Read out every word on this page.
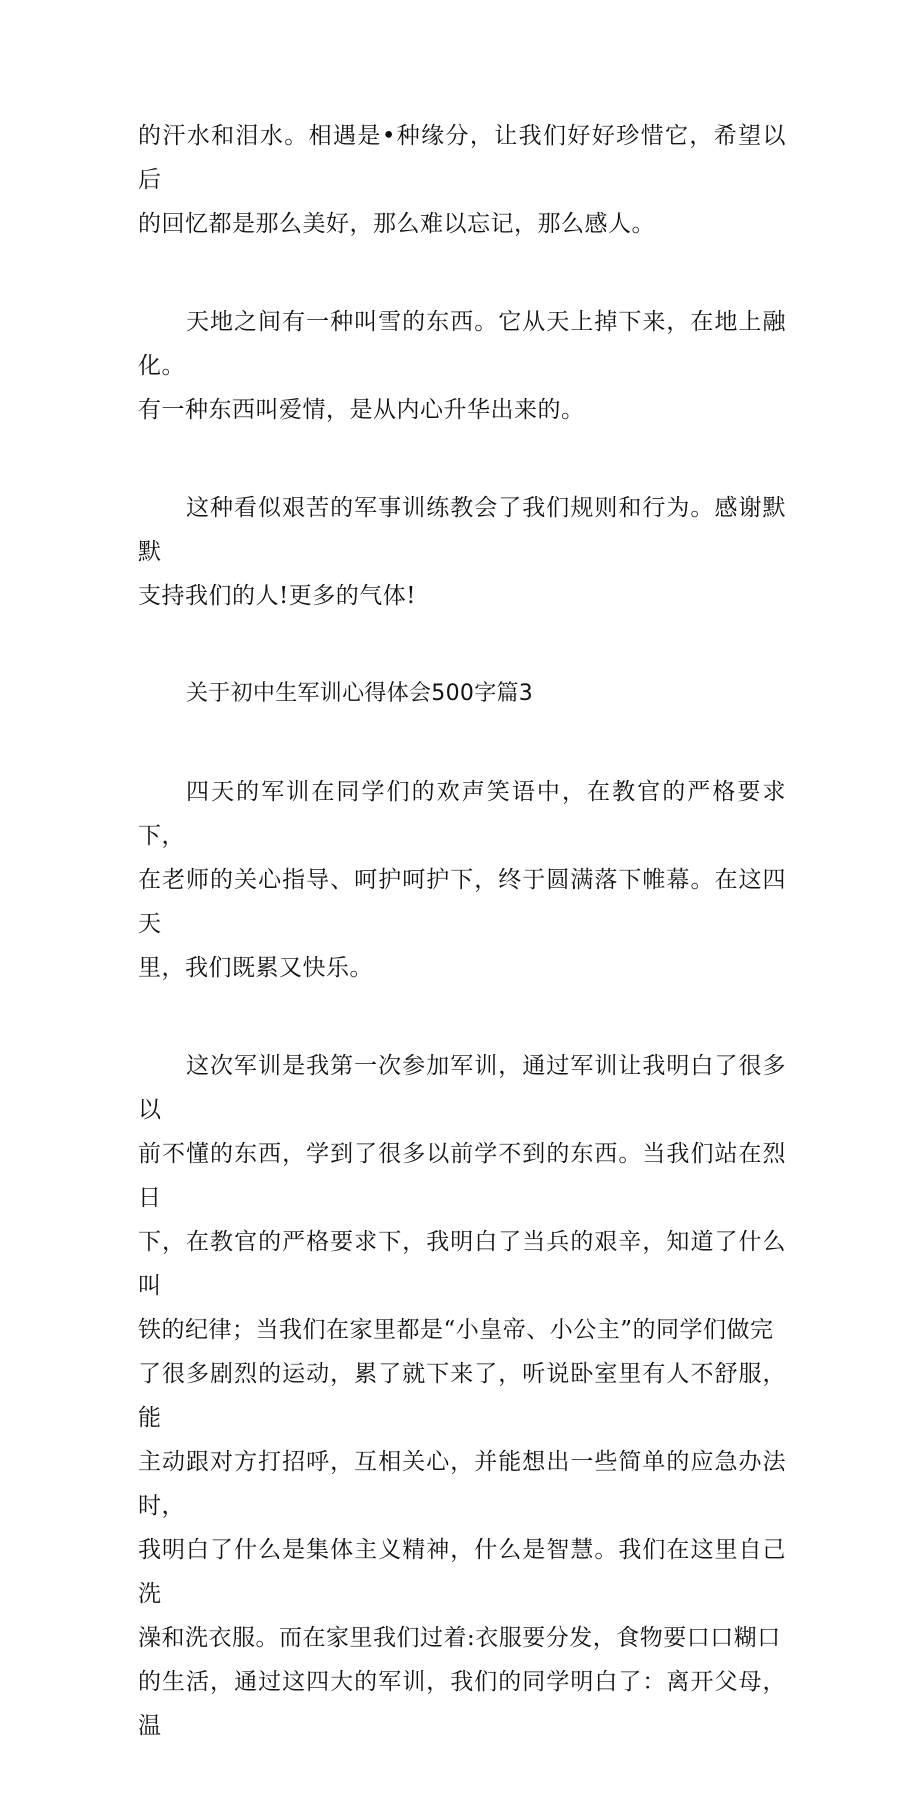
的汗水和泪水。相遇是•种缘分，让我们好好珍惜它，希望以后
的回忆都是那么美好，那么难以忘记，那么感人。

天地之间有一种叫雪的东西。它从天上掉下来，在地上融化。
有一种东西叫爱情，是从内心升华出来的。

这种看似艰苦的军事训练教会了我们规则和行为。感谢默默
支持我们的人!更多的气体!

关于初中生军训心得体会500字篇3

四天的军训在同学们的欢声笑语中，在教官的严格要求下，
在老师的关心指导、呵护呵护下，终于圆满落下帷幕。在这四天
里，我们既累又快乐。

这次军训是我第一次参加军训，通过军训让我明白了很多以
前不懂的东西，学到了很多以前学不到的东西。当我们站在烈日
下，在教官的严格要求下，我明白了当兵的艰辛，知道了什么叫
铁的纪律；当我们在家里都是“小皇帝、小公主”的同学们做完
了很多剧烈的运动，累了就下来了，听说卧室里有人不舒服，能
主动跟对方打招呼，互相关心，并能想出一些简单的应急办法时，
我明白了什么是集体主义精神，什么是智慧。我们在这里自己洗
澡和洗衣服。而在家里我们过着:衣服要分发，食物要口口糊口
的生活，通过这四大的军训，我们的同学明白了：离开父母，温
